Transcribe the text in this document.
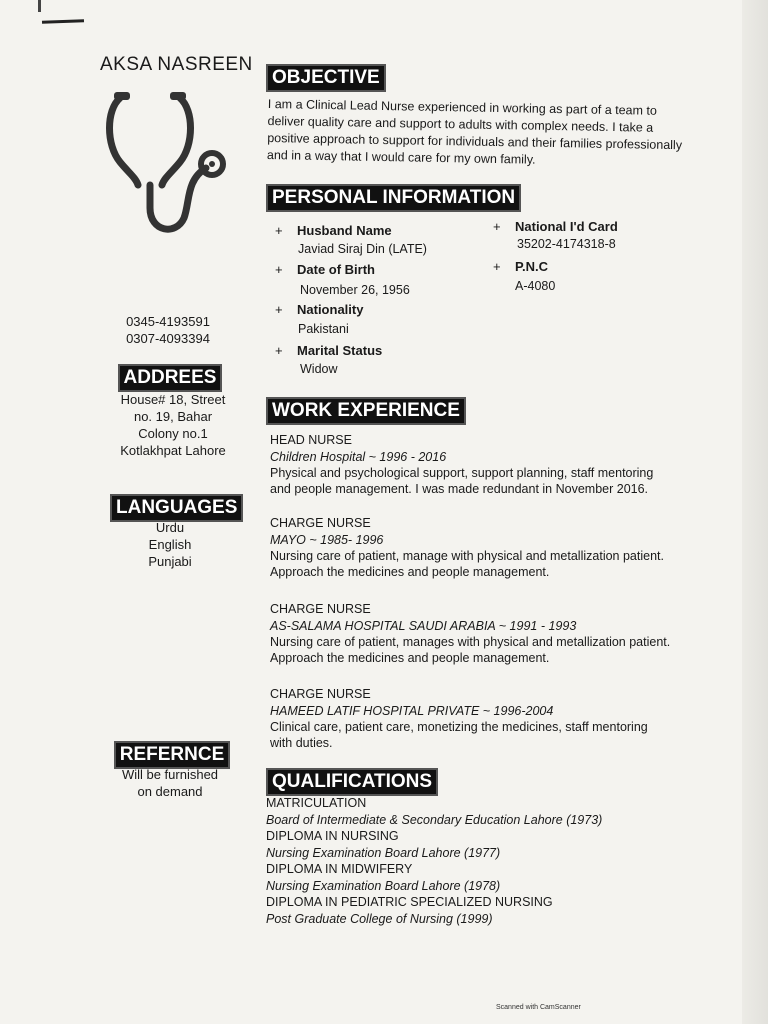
AKSA NASREEN
0345-4193591
0307-4093394
ADDREES
House# 18, Street
no. 19, Bahar
Colony no.1
Kotlakhpat Lahore
LANGUAGES
Urdu
English
Punjabi
REFERNCE
Will be furnished
on demand
OBJECTIVE
I am a Clinical Lead Nurse experienced in working as part of a team to
deliver quality care and support to adults with complex needs. I take a
positive approach to support for individuals and their families professionally
and in a way that I would care for my own family.
PERSONAL INFORMATION
+ Husband Name
Javiad Siraj Din (LATE)
+ Date of Birth
November 26, 1956
+ Nationality
Pakistani
+ Marital Status
Widow
+ National I'd Card
35202-4174318-8
+ P.N.C
A-4080
WORK EXPERIENCE
HEAD NURSE
Children Hospital ~ 1996 - 2016
Physical and psychological support, support planning, staff mentoring
and people management. I was made redundant in November 2016.
CHARGE NURSE
MAYO ~ 1985- 1996
Nursing care of patient, manage with physical and metallization patient.
Approach the medicines and people management.
CHARGE NURSE
AS-SALAMA HOSPITAL SAUDI ARABIA ~ 1991 - 1993
Nursing care of patient, manages with physical and metallization patient.
Approach the medicines and people management.
CHARGE NURSE
HAMEED LATIF HOSPITAL PRIVATE ~ 1996-2004
Clinical care, patient care, monetizing the medicines, staff mentoring
with duties.
QUALIFICATIONS
MATRICULATION
Board of Intermediate & Secondary Education Lahore (1973)
DIPLOMA IN NURSING
Nursing Examination Board Lahore (1977)
DIPLOMA IN MIDWIFERY
Nursing Examination Board Lahore (1978)
DIPLOMA IN PEDIATRIC SPECIALIZED NURSING
Post Graduate College of Nursing (1999)
Scanned with CamScanner
